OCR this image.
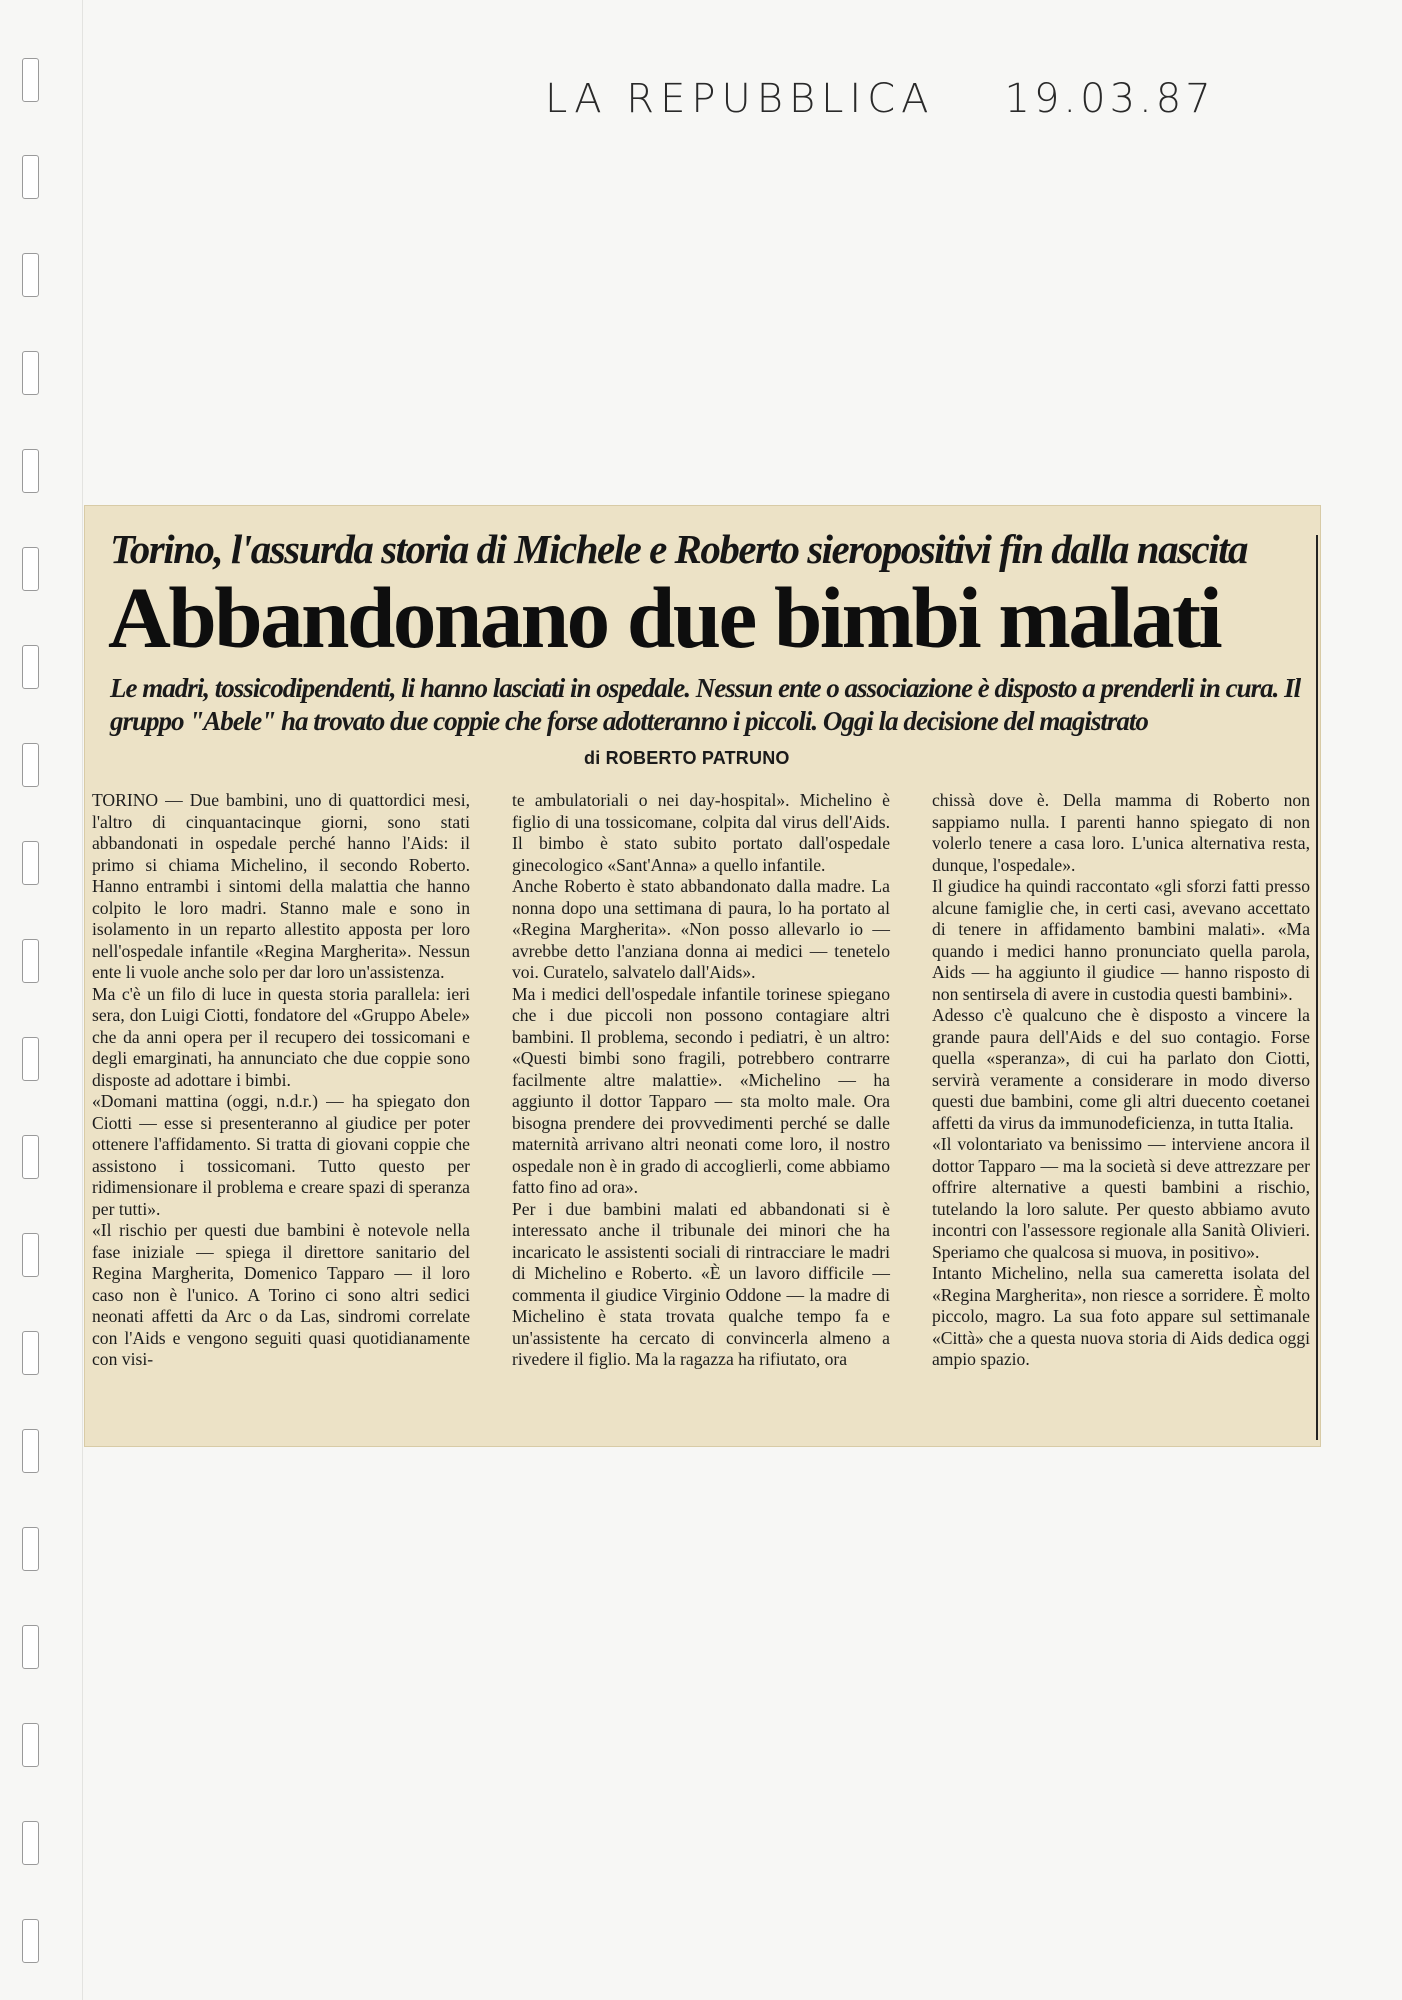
LA REPUBBLICA 19.03.87
Torino, l'assurda storia di Michele e Roberto sieropositivi fin dalla nascita
Abbandonano due bimbi malati
Le madri, tossicodipendenti, li hanno lasciati in ospedale. Nessun ente o associazione è disposto a prenderli in cura. Il gruppo "Abele" ha trovato due coppie che forse adotteranno i piccoli. Oggi la decisione del magistrato
di ROBERTO PATRUNO
TORINO — Due bambini, uno di quattordici mesi, l'altro di cinquantacinque giorni, sono stati abbandonati in ospedale perché hanno l'Aids: il primo si chiama Michelino, il secondo Roberto. Hanno entrambi i sintomi della malattia che hanno colpito le loro madri. Stanno male e sono in isolamento in un reparto allestito apposta per loro nell'ospedale infantile «Regina Margherita». Nessun ente li vuole anche solo per dar loro un'assistenza.
Ma c'è un filo di luce in questa storia parallela: ieri sera, don Luigi Ciotti, fondatore del «Gruppo Abele» che da anni opera per il recupero dei tossicomani e degli emarginati, ha annunciato che due coppie sono disposte ad adottare i bimbi.
«Domani mattina (oggi, n.d.r.) — ha spiegato don Ciotti — esse si presenteranno al giudice per poter ottenere l'affidamento. Si tratta di giovani coppie che assistono i tossicomani. Tutto questo per ridimensionare il problema e creare spazi di speranza per tutti».
«Il rischio per questi due bambini è notevole nella fase iniziale — spiega il direttore sanitario del Regina Margherita, Domenico Tapparo — il loro caso non è l'unico. A Torino ci sono altri sedici neonati affetti da Arc o da Las, sindromi correlate con l'Aids e vengono seguiti quasi quotidianamente con visi-
te ambulatoriali o nei day-hospital». Michelino è figlio di una tossicomane, colpita dal virus dell'Aids. Il bimbo è stato subito portato dall'ospedale ginecologico «Sant'Anna» a quello infantile.
Anche Roberto è stato abbandonato dalla madre. La nonna dopo una settimana di paura, lo ha portato al «Regina Margherita». «Non posso allevarlo io — avrebbe detto l'anziana donna ai medici — tenetelo voi. Curatelo, salvatelo dall'Aids».
Ma i medici dell'ospedale infantile torinese spiegano che i due piccoli non possono contagiare altri bambini. Il problema, secondo i pediatri, è un altro: «Questi bimbi sono fragili, potrebbero contrarre facilmente altre malattie». «Michelino — ha aggiunto il dottor Tapparo — sta molto male. Ora bisogna prendere dei provvedimenti perché se dalle maternità arrivano altri neonati come loro, il nostro ospedale non è in grado di accoglierli, come abbiamo fatto fino ad ora».
Per i due bambini malati ed abbandonati si è interessato anche il tribunale dei minori che ha incaricato le assistenti sociali di rintracciare le madri di Michelino e Roberto. «È un lavoro difficile — commenta il giudice Virginio Oddone — la madre di Michelino è stata trovata qualche tempo fa e un'assistente ha cercato di convincerla almeno a rivedere il figlio. Ma la ragazza ha rifiutato, ora
chissà dove è. Della mamma di Roberto non sappiamo nulla. I parenti hanno spiegato di non volerlo tenere a casa loro. L'unica alternativa resta, dunque, l'ospedale».
Il giudice ha quindi raccontato «gli sforzi fatti presso alcune famiglie che, in certi casi, avevano accettato di tenere in affidamento bambini malati». «Ma quando i medici hanno pronunciato quella parola, Aids — ha aggiunto il giudice — hanno risposto di non sentirsela di avere in custodia questi bambini».
Adesso c'è qualcuno che è disposto a vincere la grande paura dell'Aids e del suo contagio. Forse quella «speranza», di cui ha parlato don Ciotti, servirà veramente a considerare in modo diverso questi due bambini, come gli altri duecento coetanei affetti da virus da immunodeficienza, in tutta Italia.
«Il volontariato va benissimo — interviene ancora il dottor Tapparo — ma la società si deve attrezzare per offrire alternative a questi bambini a rischio, tutelando la loro salute. Per questo abbiamo avuto incontri con l'assessore regionale alla Sanità Olivieri. Speriamo che qualcosa si muova, in positivo».
Intanto Michelino, nella sua cameretta isolata del «Regina Margherita», non riesce a sorridere. È molto piccolo, magro. La sua foto appare sul settimanale «Città» che a questa nuova storia di Aids dedica oggi ampio spazio.
